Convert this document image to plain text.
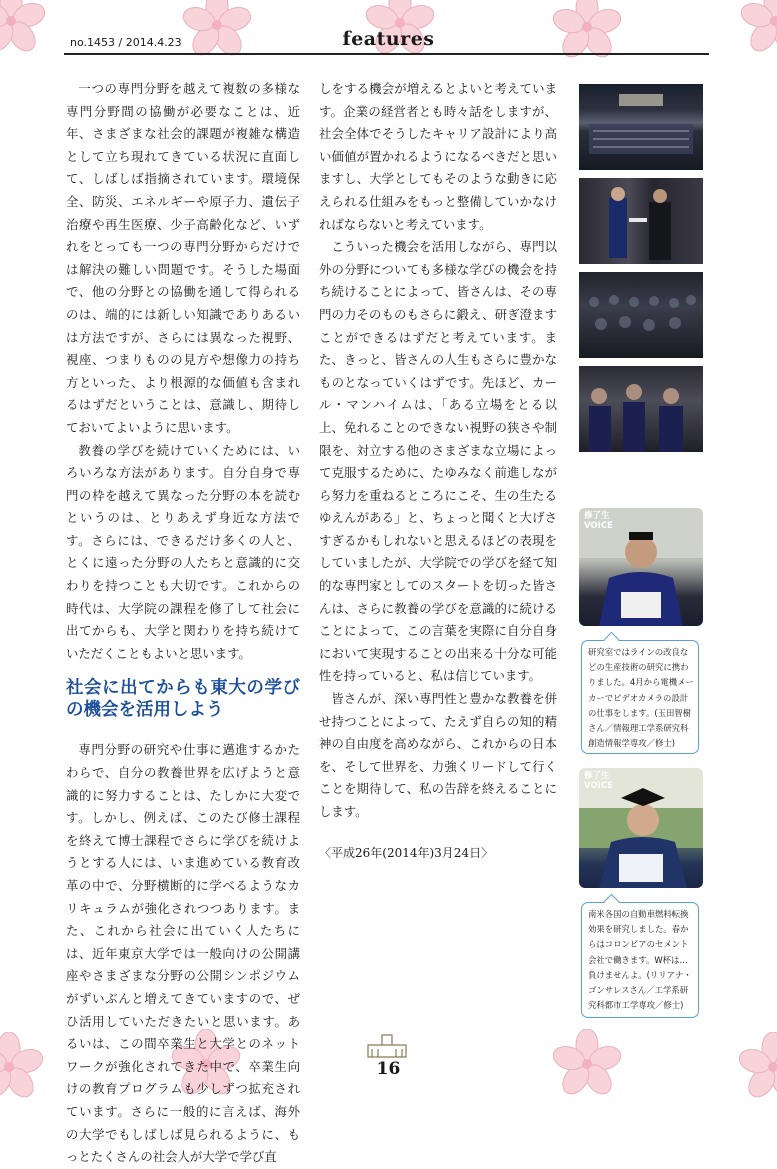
no.1453 / 2014.4.23	features

一つの専門分野を越えて複数の多様な専門分野間の協働が必要なことは、近年、さまざまな社会的課題が複雑な構造として立ち現れてきている状況に直面して、しばしば指摘されています。環境保全、防災、エネルギーや原子力、遺伝子治療や再生医療、少子高齢化など、いずれをとっても一つの専門分野からだけでは解決の難しい問題です。そうした場面で、他の分野との協働を通して得られるのは、端的には新しい知識でありあるいは方法ですが、さらには異なった視野、視座、つまりものの見方や想像力の持ち方といった、より根源的な価値も含まれるはずだということは、意識し、期待しておいてよいように思います。

教養の学びを続けていくためには、いろいろな方法があります。自分自身で専門の枠を越えて異なった分野の本を読むというのは、とりあえず身近な方法です。さらには、できるだけ多くの人と、とくに遠った分野の人たちと意識的に交わりを持つことも大切です。これからの時代は、大学院の課程を修了して社会に出てからも、大学と関わりを持ち続けていただくこともよいと思います。

社会に出てからも東大の学びの機会を活用しよう

専門分野の研究や仕事に邁進するかたわらで、自分の教養世界を広げようと意識的に努力することは、たしかに大変です。しかし、例えば、このたび修士課程を終えて博士課程でさらに学びを続けようとする人には、いま進めている教育改革の中で、分野横断的に学べるようなカリキュラムが強化されつつあります。また、これから社会に出ていく人たちには、近年東京大学では一般向けの公開講座やさまざまな分野の公開シンポジウムがずいぶんと増えてきていますので、ぜひ活用していただきたいと思います。あるいは、この間卒業生と大学とのネットワークが強化されてきた中で、卒業生向けの教育プログラムも少しずつ拡充されています。さらに一般的に言えば、海外の大学でもしばしば見られるように、もっとたくさんの社会人が大学で学び直

しをする機会が増えるとよいと考えています。企業の経営者とも時々話をしますが、社会全体でそうしたキャリア設計により高い価値が置かれるようになるべきだと思いますし、大学としてもそのような動きに応えられる仕組みをもっと整備していかなければならないと考えています。

こういった機会を活用しながら、専門以外の分野についても多様な学びの機会を持ち続けることによって、皆さんは、その専門の力そのものもさらに鍛え、研ぎ澄ますことができるはずだと考えています。また、きっと、皆さんの人生もさらに豊かなものとなっていくはずです。先ほど、カール・マンハイムは、「ある立場をとる以上、免れることのできない視野の狭さや制限を、対立する他のさまざまな立場によって克服するために、たゆみなく前進しながら努力を重ねるところにこそ、生の生たるゆえんがある」と、ちょっと聞くと大げさすぎるかもしれないと思えるほどの表現をしていましたが、大学院での学びを経て知的な専門家としてのスタートを切った皆さんは、さらに教養の学びを意識的に続けることによって、この言葉を実際に自分自身において実現することの出来る十分な可能性を持っていると、私は信じています。

皆さんが、深い専門性と豊かな教養を併せ持つことによって、たえず自らの知的精神の自由度を高めながら、これからの日本を、そして世界を、力強くリードして行くことを期待して、私の告辞を終えることにします。

〈平成26年(2014年)3月24日〉
修了生
VOICE
研究室ではラインの改良などの生産技術の研究に携わりました。4月から電機メーカーでビデオカメラの設計の仕事をします。(玉田智樹さん／情報理工学系研究科創造情報学専攻／修士)
修了生
VOICE
南米各国の自動車燃料転換効果を研究しました。春からはコロンビアのセメント会社で働きます。W杯は…負けませんよ。(リリアナ・ゴンサレスさん／工学系研究科都市工学専攻／修士)
16
